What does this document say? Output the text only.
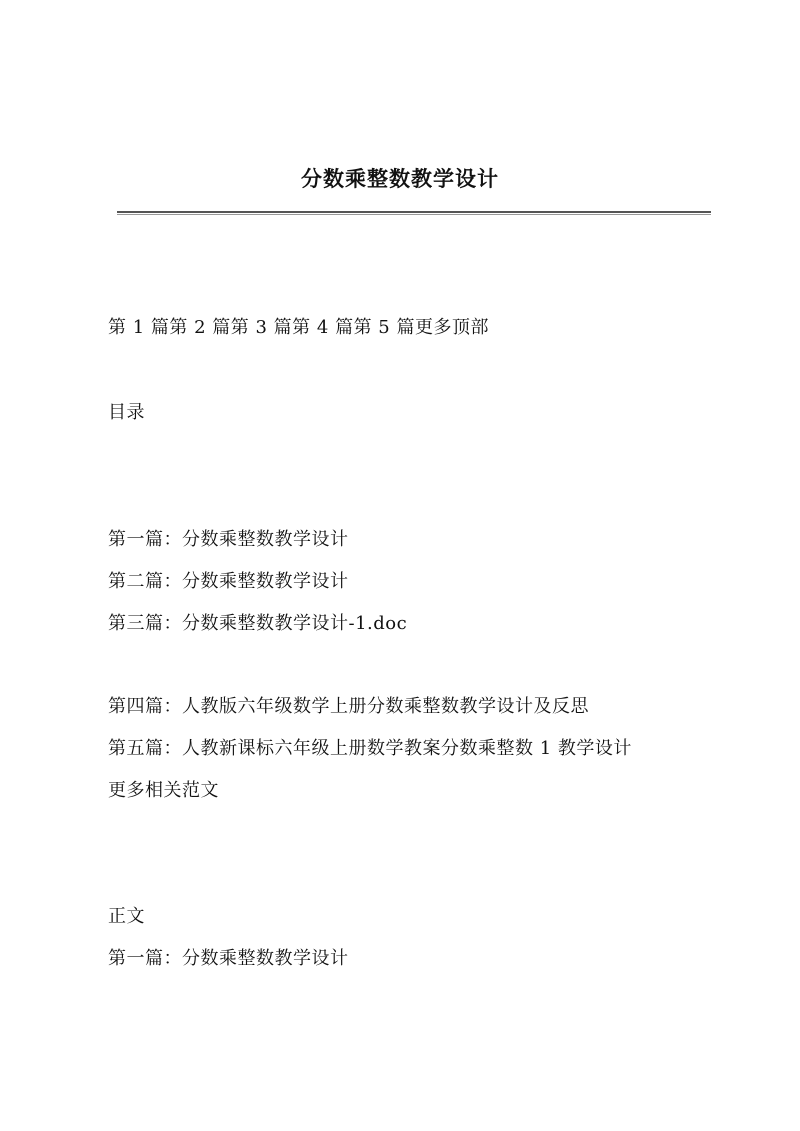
分数乘整数教学设计
第 1 篇第 2 篇第 3 篇第 4 篇第 5 篇更多顶部
目录
第一篇：分数乘整数教学设计
第二篇：分数乘整数教学设计
第三篇：分数乘整数教学设计-1.doc
第四篇：人教版六年级数学上册分数乘整数教学设计及反思
第五篇：人教新课标六年级上册数学教案分数乘整数 1 教学设计
更多相关范文
正文
第一篇：分数乘整数教学设计
